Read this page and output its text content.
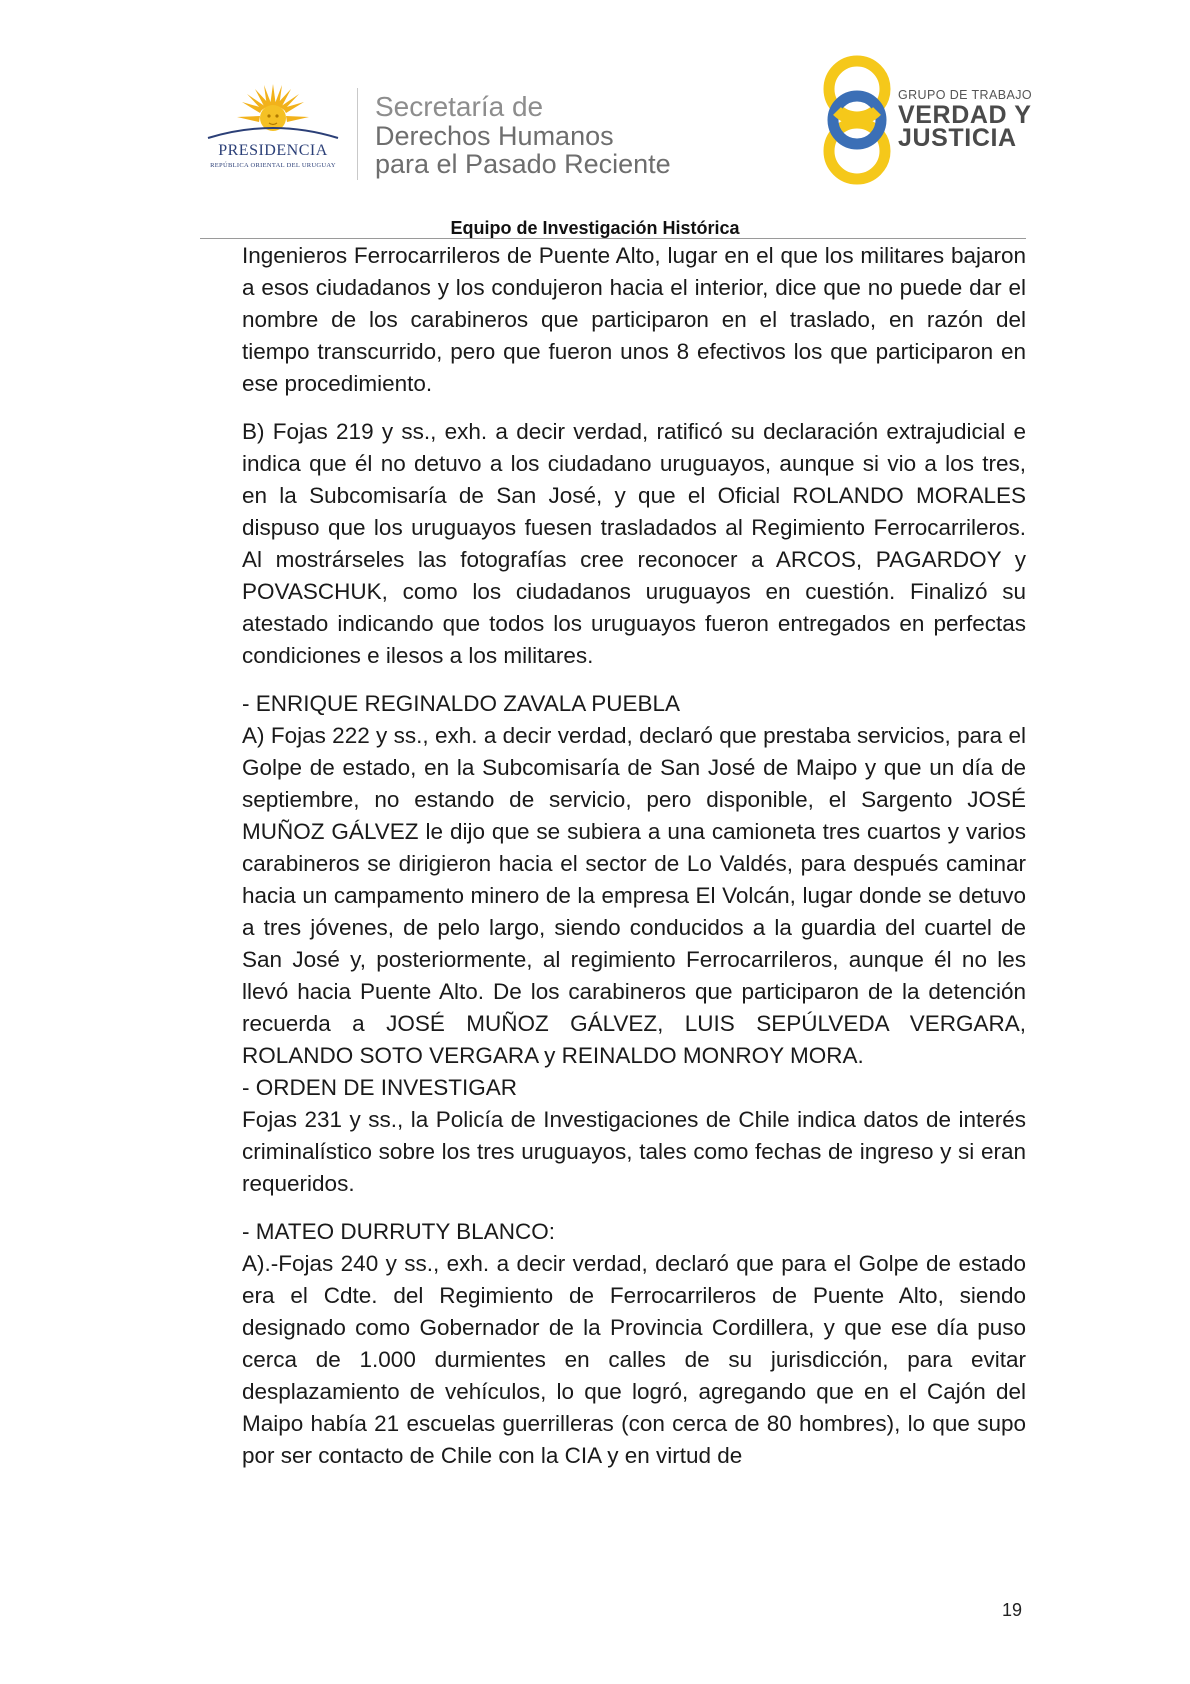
PRESIDENCIA
REPÚBLICA ORIENTAL DEL URUGUAY
Secretaría de
Derechos Humanos
para el Pasado Reciente
GRUPO DE TRABAJO
VERDAD Y
JUSTICIA
Equipo de Investigación Histórica

Ingenieros Ferrocarrileros de Puente Alto, lugar en el que los militares bajaron a esos ciudadanos y los condujeron hacia el interior, dice que no puede dar el nombre de los carabineros que participaron en el traslado, en razón del tiempo transcurrido, pero que fueron unos 8 efectivos los que participaron en ese procedimiento.

B) Fojas 219 y ss., exh. a decir verdad, ratificó su declaración extrajudicial e indica que él no detuvo a los ciudadano uruguayos, aunque si vio a los tres, en la Subcomisaría de San José, y que el Oficial ROLANDO MORALES dispuso que los uruguayos fuesen trasladados al Regimiento Ferrocarrileros. Al mostrárseles las fotografías cree reconocer a ARCOS, PAGARDOY y POVASCHUK, como los ciudadanos uruguayos en cuestión. Finalizó su atestado indicando que todos los uruguayos fueron entregados en perfectas condiciones e ilesos a los militares.

- ENRIQUE REGINALDO ZAVALA PUEBLA

A) Fojas 222 y ss., exh. a decir verdad, declaró que prestaba servicios, para el Golpe de estado, en la Subcomisaría de San José de Maipo y que un día de septiembre, no estando de servicio, pero disponible, el Sargento JOSÉ MUÑOZ GÁLVEZ le dijo que se subiera a una camioneta tres cuartos y varios carabineros se dirigieron hacia el sector de Lo Valdés, para después caminar hacia un campamento minero de la empresa El Volcán, lugar donde se detuvo a tres jóvenes, de pelo largo, siendo conducidos a la guardia del cuartel de San José y, posteriormente, al regimiento Ferrocarrileros, aunque él no les llevó hacia Puente Alto. De los carabineros que participaron de la detención recuerda a JOSÉ MUÑOZ GÁLVEZ, LUIS SEPÚLVEDA VERGARA, ROLANDO SOTO VERGARA y REINALDO MONROY MORA.

- ORDEN DE INVESTIGAR

Fojas 231 y ss., la Policía de Investigaciones de Chile indica datos de interés criminalístico sobre los tres uruguayos, tales como fechas de ingreso y si eran requeridos.

- MATEO DURRUTY BLANCO:

A).-Fojas 240 y ss., exh. a decir verdad, declaró que para el Golpe de estado era el Cdte. del Regimiento de Ferrocarrileros de Puente Alto, siendo designado como Gobernador de la Provincia Cordillera, y que ese día puso cerca de 1.000 durmientes en calles de su jurisdicción, para evitar desplazamiento de vehículos, lo que logró, agregando que en el Cajón del Maipo había 21 escuelas guerrilleras (con cerca de 80 hombres), lo que supo por ser contacto de Chile con la CIA y en virtud de

19
